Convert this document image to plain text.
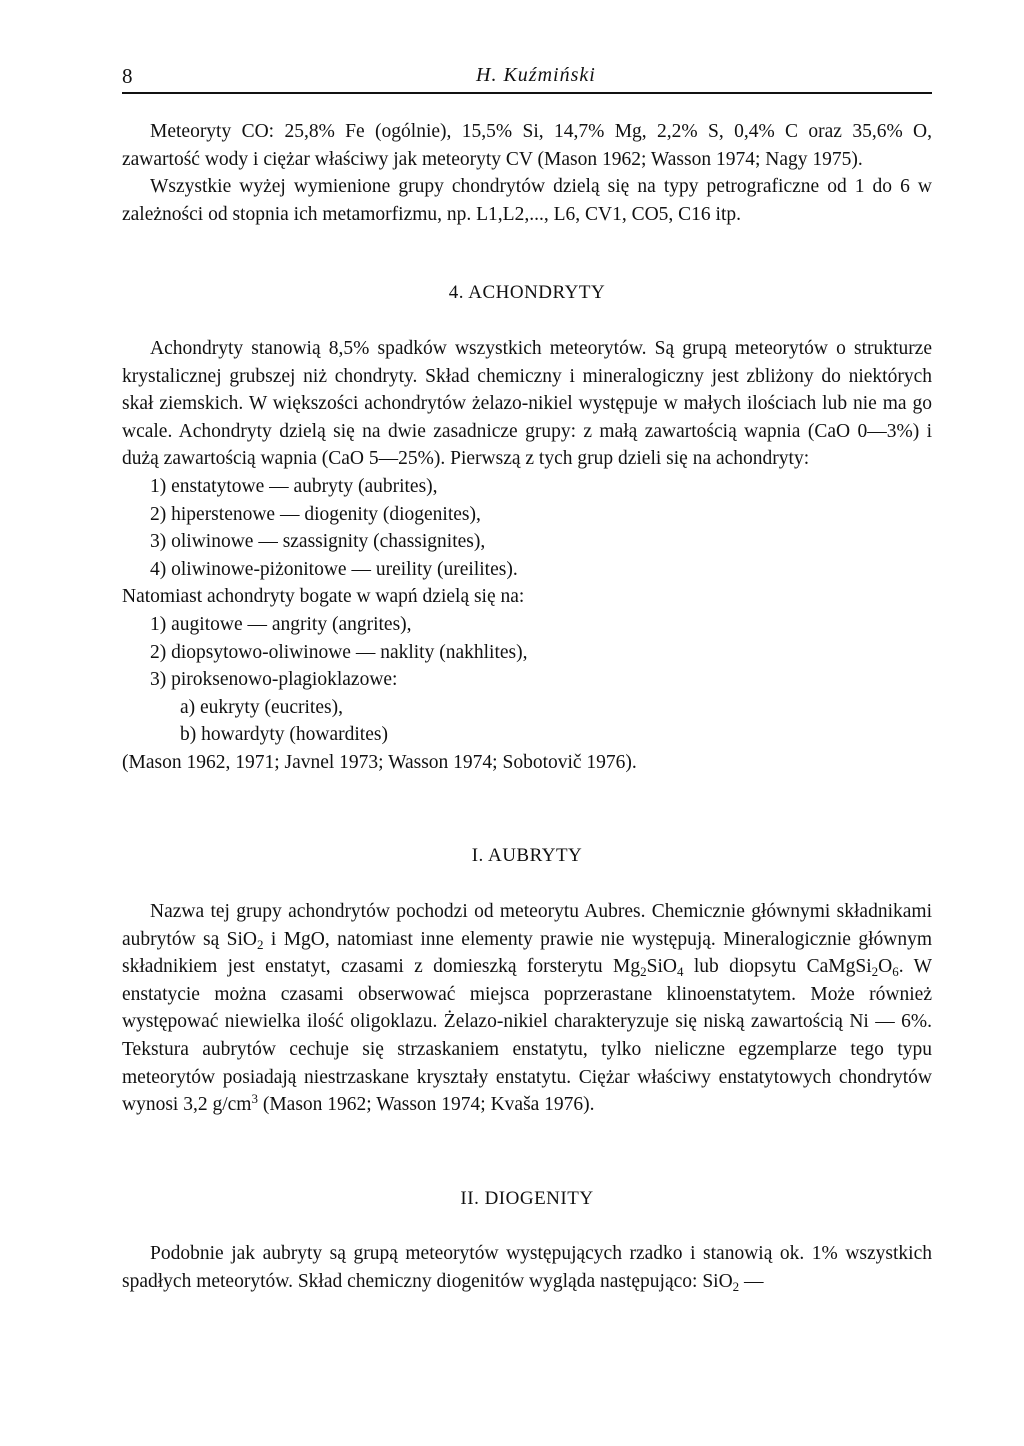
8	H. Kuźmiński

Meteoryty CO: 25,8% Fe (ogólnie), 15,5% Si, 14,7% Mg, 2,2% S, 0,4% C oraz 35,6% O, zawartość wody i ciężar właściwy jak meteoryty CV (Mason 1962; Wasson 1974; Nagy 1975).

Wszystkie wyżej wymienione grupy chondrytów dzielą się na typy petrograficzne od 1 do 6 w zależności od stopnia ich metamorfizmu, np. L1,L2,..., L6, CV1, CO5, C16 itp.

4. ACHONDRYTY

Achondryty stanowią 8,5% spadków wszystkich meteorytów. Są grupą meteorytów o strukturze krystalicznej grubszej niż chondryty. Skład chemiczny i mineralogiczny jest zbliżony do niektórych skał ziemskich. W większości achondrytów żelazo-nikiel występuje w małych ilościach lub nie ma go wcale. Achondryty dzielą się na dwie zasadnicze grupy: z małą zawartością wapnia (CaO 0—3%) i dużą zawartością wapnia (CaO 5—25%). Pierwszą z tych grup dzieli się na achondryty:

1) enstatytowe — aubryty (aubrites),

2) hiperstenowe — diogenity (diogenites),

3) oliwinowe — szassignity (chassignites),

4) oliwinowe-piżonitowe — ureility (ureilites).

Natomiast achondryty bogate w wapń dzielą się na:

1) augitowe — angrity (angrites),

2) diopsytowo-oliwinowe — naklity (nakhlites),

3) piroksenowo-plagioklazowe:

a) eukryty (eucrites),

b) howardyty (howardites)

(Mason 1962, 1971; Javnel 1973; Wasson 1974; Sobotovič 1976).

I. AUBRYTY

Nazwa tej grupy achondrytów pochodzi od meteorytu Aubres. Chemicznie głównymi składnikami aubrytów są SiO$_2$ i MgO, natomiast inne elementy prawie nie występują. Mineralogicznie głównym składnikiem jest enstatyt, czasami z domieszką forsterytu $Mg_2SiO_4$ lub diopsytu $CaMgSi_2O_6$. W enstatycie można czasami obserwować miejsca poprzerastane klinoenstatytem. Może również występować niewielka ilość oligoklazu. Żelazo-nikiel charakteryzuje się niską zawartością Ni — 6%. Tekstura aubrytów cechuje się strzaskaniem enstatytu, tylko nieliczne egzemplarze tego typu meteorytów posiadają niestrzaskane kryształy enstatytu. Ciężar właściwy enstatytowych chondrytów wynosi 3,2 $g/cm^3$ (Mason 1962; Wasson 1974; Kvaša 1976).

II. DIOGENITY

Podobnie jak aubryty są grupą meteorytów występujących rzadko i stanowią ok. 1% wszystkich spadłych meteorytów. Skład chemiczny diogenitów wygląda następująco: SiO$_2$ —
